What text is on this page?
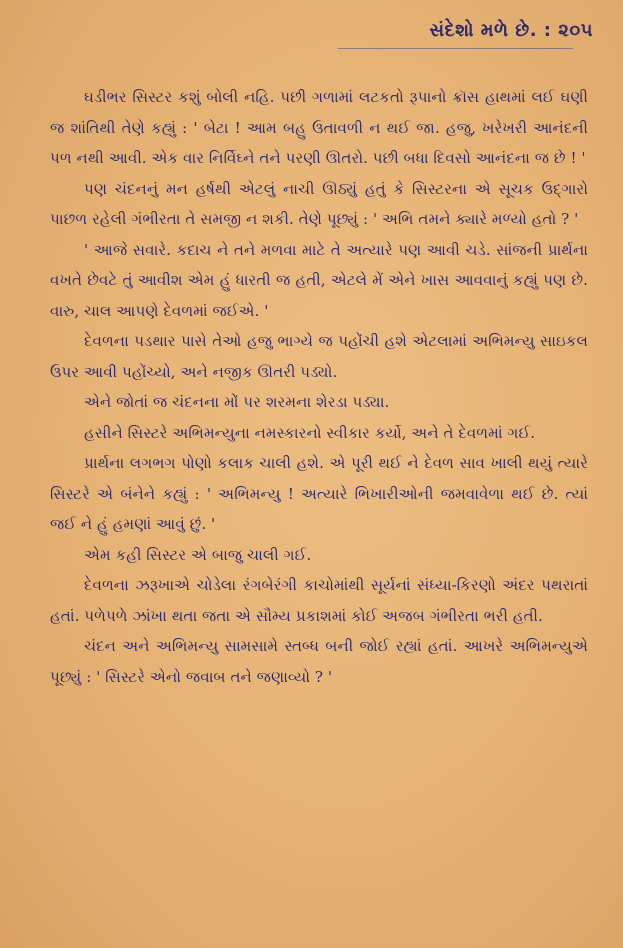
સંદેશો મળે છે. : ૨૦૫

ઘડીભર સિસ્ટર કશું બોલી નહિ. પછી ગળામાં લટકતો રૂપાનો ક્રૉસ હાથમાં લઈ ઘણી જ શાંતિથી તેણે કહ્યું : ' બેટા ! આમ બહુ ઉતાવળી ન થઈ જા. હજુ, ખરેખરી આનંદની પળ નથી આવી. એક વાર નિર્વિઘ્ને તને પરણી ઊતરો. પછી બધા દિવસો આનંદના જ છે ! '

પણ ચંદનનું મન હર્ષથી એટલું નાચી ઊઠ્યું હતું કે સિસ્ટરના એ સૂચક ઉદ્ગારો પાછળ રહેલી ગંભીરતા તે સમજી ન શકી. તેણે પૂછ્યું : ' અભિ તમને ક્યારે મળ્યો હતો ? '

' આજે સવારે. કદાચ ને તને મળવા માટે તે અત્યારે પણ આવી ચડે. સાંજની પ્રાર્થના વખતે છેવટે તું આવીશ એમ હું ધારતી જ હતી, એટલે મેં એને ખાસ આવવાનું કહ્યું પણ છે. વારુ, ચાલ આપણે દેવળમાં જઈએ. '

દેવળના પડથાર પાસે તેઓ હજુ ભાગ્યે જ પહોંચી હશે એટલામાં અભિમન્યુ સાઇકલ ઉપર આવી પહોંચ્યો, અને નજીક ઊતરી પડ્યો.

એને જોતાં જ ચંદનના મોં પર શરમના શેરડા પડ્યા.

હસીને સિસ્ટરે અભિમન્યુના નમસ્કારનો સ્વીકાર કર્યો, અને તે દેવળમાં ગઈ.

પ્રાર્થના લગભગ પોણો કલાક ચાલી હશે. એ પૂરી થઈ ને દેવળ સાવ ખાલી થયું ત્યારે સિસ્ટરે એ બંનેને કહ્યું : ' અભિમન્યુ ! અત્યારે ભિખારીઓની જમવાવેળા થઈ છે. ત્યાં જઈ ને હું હમણાં આવું છું. '

એમ કહી સિસ્ટર એ બાજુ ચાલી ગઈ.

દેવળના ઝરૂખાએ ચોડેલા રંગબેરંગી કાચોમાંથી સૂર્યનાં સંધ્યા-કિરણો અંદર પથરાતાં હતાં. પળેપળે ઝાંખા થતા જતા એ સૌમ્ય પ્રકાશમાં કોઈ અજબ ગંભીરતા ભરી હતી.

ચંદન અને અભિમન્યુ સામસામે સ્તબ્ધ બની જોઈ રહ્યાં હતાં. આખરે અભિમન્યુએ પૂછ્યું : ' સિસ્ટરે એનો જવાબ તને જણાવ્યો ? '
